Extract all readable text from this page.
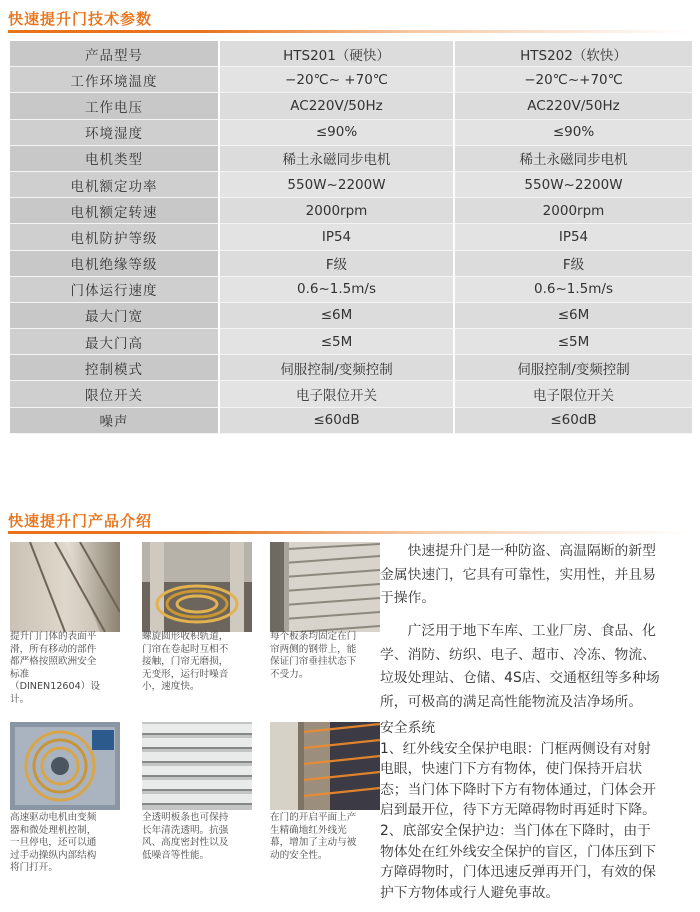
快速提升门技术参数
产品型号	HTS201（硬快）	HTS202（软快）
工作环境温度	−20℃~ +70℃	−20℃~+70℃
工作电压	AC220V/50Hz	AC220V/50Hz
环境湿度	≤90%	≤90%
电机类型	稀土永磁同步电机	稀土永磁同步电机
电机额定功率	550W~2200W	550W~2200W
电机额定转速	2000rpm	2000rpm
电机防护等级	IP54	IP54
电机绝缘等级	F级	F级
门体运行速度	0.6~1.5m/s	0.6~1.5m/s
最大门宽	≤6M	≤6M
最大门高	≤5M	≤5M
控制模式	伺服控制/变频控制	伺服控制/变频控制
限位开关	电子限位开关	电子限位开关
噪声	≤60dB	≤60dB
快速提升门产品介绍
提升门门体的表面平
滑，所有移动的部件
都严格按照欧洲安全
标准
（DINEN12604）设
计。
螺旋圆形收积轨道，
门帘在卷起时互相不
接触，门帘无磨损，
无变形，运行时噪音
小，速度快。
每个板条均固定在门
帘两侧的钢带上，能
保证门帘垂挂状态下
不受力。
高速驱动电机由变频
器和微处理机控制，
一旦停电，还可以通
过手动操纵内部结构
将门打开。
全透明板条也可保持
长年清洗透明。抗强
风、高度密封性以及
低噪音等性能。
在门的开启平面上产
生精确地红外线光
幕，增加了主动与被
动的安全性。
　　快速提升门是一种防盗、高温隔断的新型
金属快速门，它具有可靠性，实用性，并且易
于操作。
　　广泛用于地下车库、工业厂房、食品、化
学、消防、纺织、电子、超市、冷冻、物流、
垃圾处理站、仓储、4S店、交通枢纽等多种场
所，可极高的满足高性能物流及洁净场所。
安全系统
1、红外线安全保护电眼：门框两侧设有对射
电眼，快速门下方有物体，使门保持开启状
态；当门体下降时下方有物体通过，门体会开
启到最开位，待下方无障碍物时再延时下降。
2、底部安全保护边：当门体在下降时，由于
物体处在红外线安全保护的盲区，门体压到下
方障碍物时，门体迅速反弹再开门，有效的保
护下方物体或行人避免事故。
